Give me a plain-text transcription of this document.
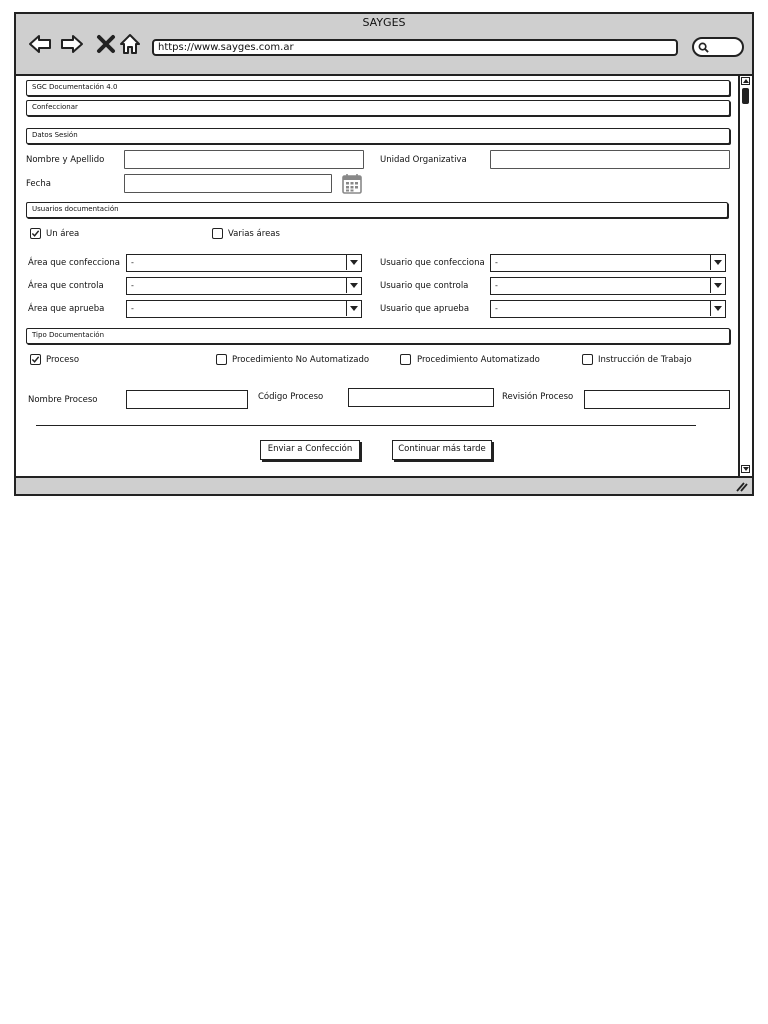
SAYGES
https://www.sayges.com.ar
SGC Documentación 4.0
Confeccionar
Datos Sesión
Nombre y Apellido	Unidad Organizativa
Fecha
Usuarios documentación
Un área	Varias áreas
Área que confecciona	-	Usuario que confecciona	-
Área que controla	-	Usuario que controla	-
Área que aprueba	-	Usuario que aprueba	-
Tipo Documentación
Proceso	Procedimiento No Automatizado	Procedimiento Automatizado	Instrucción de Trabajo
Nombre Proceso	Código Proceso	Revisión Proceso
Enviar a Confección	Continuar más tarde
